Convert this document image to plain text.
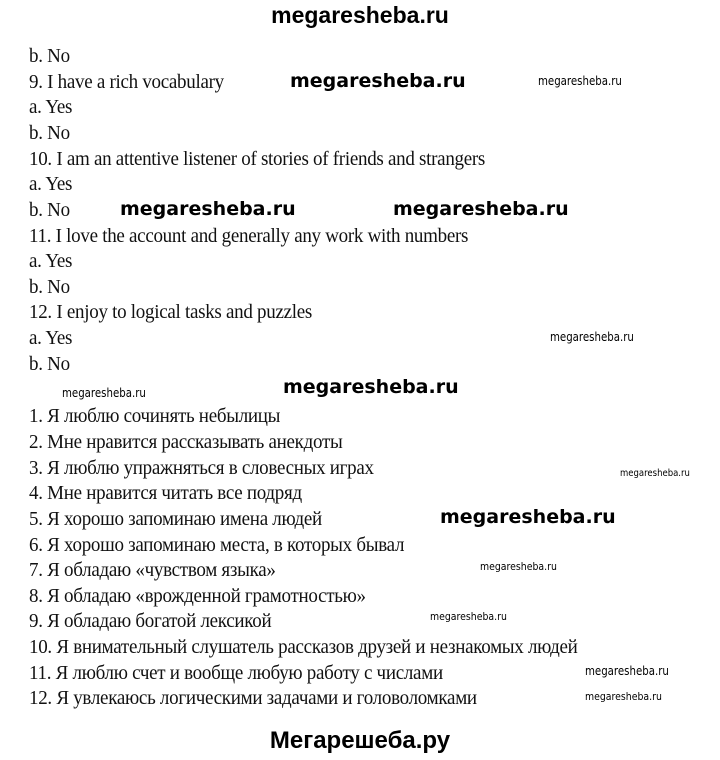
megaresheba.ru
b. No
9. I have a rich vocabulary
a. Yes
b. No
10. I am an attentive listener of stories of friends and strangers
a. Yes
b. No
11. I love the account and generally any work with numbers
a. Yes
b. No
12. I enjoy to logical tasks and puzzles
a. Yes
b. No
1. Я люблю сочинять небылицы
2. Мне нравится рассказывать анекдоты
3. Я люблю упражняться в словесных играх
4. Мне нравится читать все подряд
5. Я хорошо запоминаю имена людей
6. Я хорошо запоминаю места, в которых бывал
7. Я обладаю «чувством языка»
8. Я обладаю «врожденной грамотностью»
9. Я обладаю богатой лексикой
10. Я внимательный слушатель рассказов друзей и незнакомых людей
11. Я люблю счет и вообще любую работу с числами
12. Я увлекаюсь логическими задачами и головоломками
megaresheba.ru	megaresheba.ru
megaresheba.ru	megaresheba.ru
megaresheba.ru
megaresheba.ru
megaresheba.ru
megaresheba.ru
megaresheba.ru
megaresheba.ru
megaresheba.ru
megaresheba.ru
megaresheba.ru
Мегарешеба.ру
